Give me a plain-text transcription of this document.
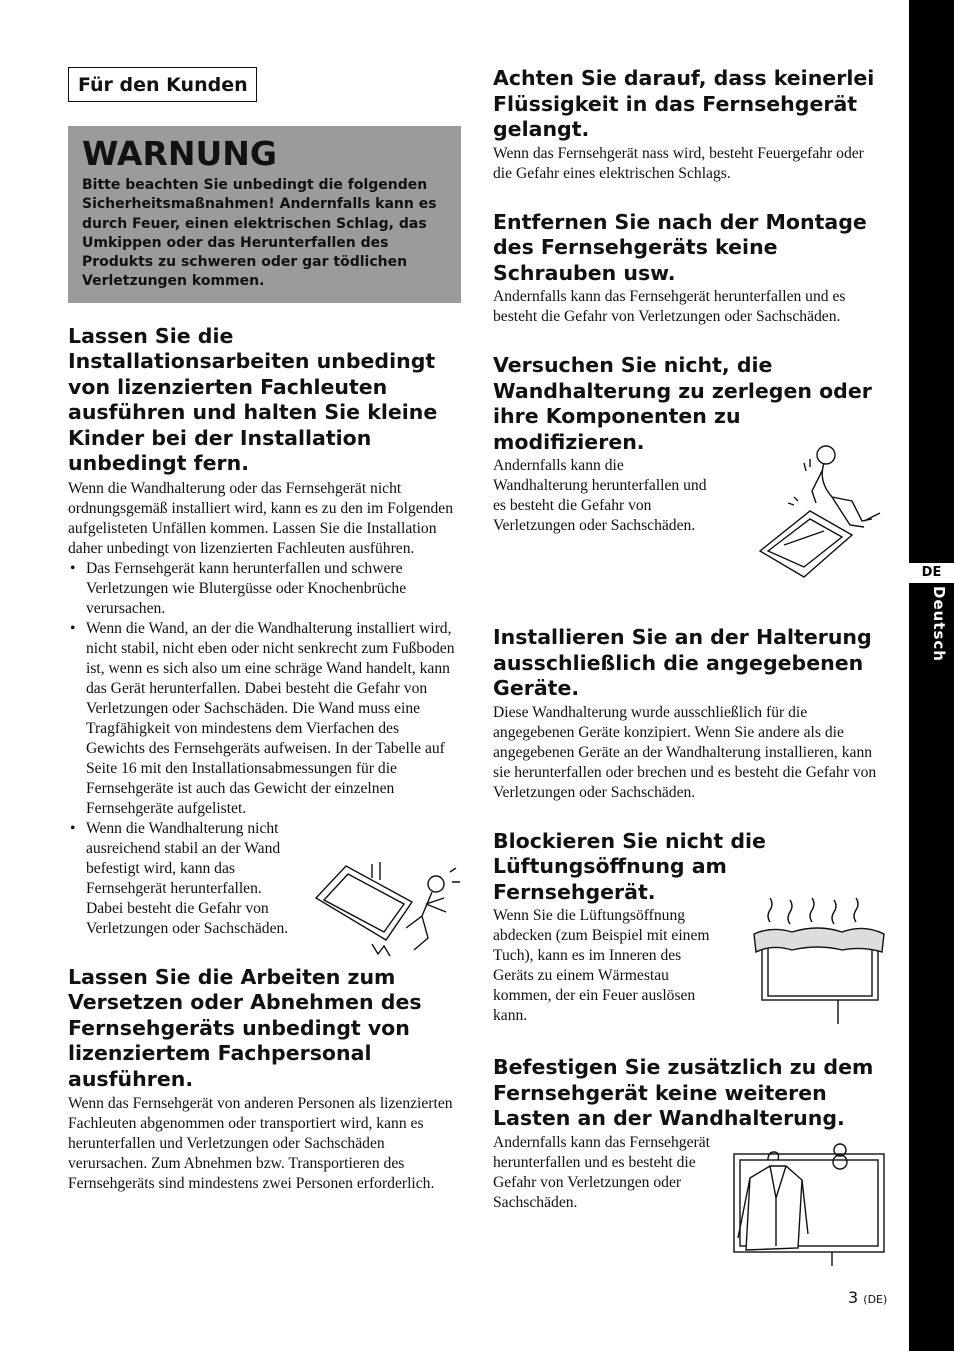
Für den Kunden
WARNUNG
Bitte beachten Sie unbedingt die folgenden Sicherheitsmaßnahmen! Andernfalls kann es durch Feuer, einen elektrischen Schlag, das Umkippen oder das Herunterfallen des Produkts zu schweren oder gar tödlichen Verletzungen kommen.
Lassen Sie die Installationsarbeiten unbedingt von lizenzierten Fachleuten ausführen und halten Sie kleine Kinder bei der Installation unbedingt fern.

Wenn die Wandhalterung oder das Fernsehgerät nicht ordnungsgemäß installiert wird, kann es zu den im Folgenden aufgelisteten Unfällen kommen. Lassen Sie die Installation daher unbedingt von lizenzierten Fachleuten ausführen.

• Das Fernsehgerät kann herunterfallen und schwere Verletzungen wie Blutergüsse oder Knochenbrüche verursachen.
• Wenn die Wand, an der die Wandhalterung installiert wird, nicht stabil, nicht eben oder nicht senkrecht zum Fußboden ist, wenn es sich also um eine schräge Wand handelt, kann das Gerät herunterfallen. Dabei besteht die Gefahr von Verletzungen oder Sachschäden. Die Wand muss eine Tragfähigkeit von mindestens dem Vierfachen des Gewichts des Fernsehgeräts aufweisen. In der Tabelle auf Seite 16 mit den Installationsabmessungen für die Fernsehgeräte ist auch das Gewicht der einzelnen Fernsehgeräte aufgelistet.
• Wenn die Wandhalterung nicht ausreichend stabil an der Wand befestigt wird, kann das Fernsehgerät herunterfallen. Dabei besteht die Gefahr von Verletzungen oder Sachschäden.
Lassen Sie die Arbeiten zum Versetzen oder Abnehmen des Fernsehgeräts unbedingt von lizenziertem Fachpersonal ausführen.

Wenn das Fernsehgerät von anderen Personen als lizenzierten Fachleuten abgenommen oder transportiert wird, kann es herunterfallen und Verletzungen oder Sachschäden verursachen. Zum Abnehmen bzw. Transportieren des Fernsehgeräts sind mindestens zwei Personen erforderlich.

Achten Sie darauf, dass keinerlei Flüssigkeit in das Fernsehgerät gelangt.

Wenn das Fernsehgerät nass wird, besteht Feuergefahr oder die Gefahr eines elektrischen Schlags.

Entfernen Sie nach der Montage des Fernsehgeräts keine Schrauben usw.

Andernfalls kann das Fernsehgerät herunterfallen und es besteht die Gefahr von Verletzungen oder Sachschäden.

Versuchen Sie nicht, die Wandhalterung zu zerlegen oder ihre Komponenten zu modifizieren.

Andernfalls kann die Wandhalterung herunterfallen und es besteht die Gefahr von Verletzungen oder Sachschäden.

Installieren Sie an der Halterung ausschließlich die angegebenen Geräte.

Diese Wandhalterung wurde ausschließlich für die angegebenen Geräte konzipiert. Wenn Sie andere als die angegebenen Geräte an der Wandhalterung installieren, kann sie herunterfallen oder brechen und es besteht die Gefahr von Verletzungen oder Sachschäden.

Blockieren Sie nicht die Lüftungsöffnung am Fernsehgerät.

Wenn Sie die Lüftungsöffnung abdecken (zum Beispiel mit einem Tuch), kann es im Inneren des Geräts zu einem Wärmestau kommen, der ein Feuer auslösen kann.

Befestigen Sie zusätzlich zu dem Fernsehgerät keine weiteren Lasten an der Wandhalterung.

Andernfalls kann das Fernsehgerät herunterfallen und es besteht die Gefahr von Verletzungen oder Sachschäden.

DE
Deutsch
3 (DE)
